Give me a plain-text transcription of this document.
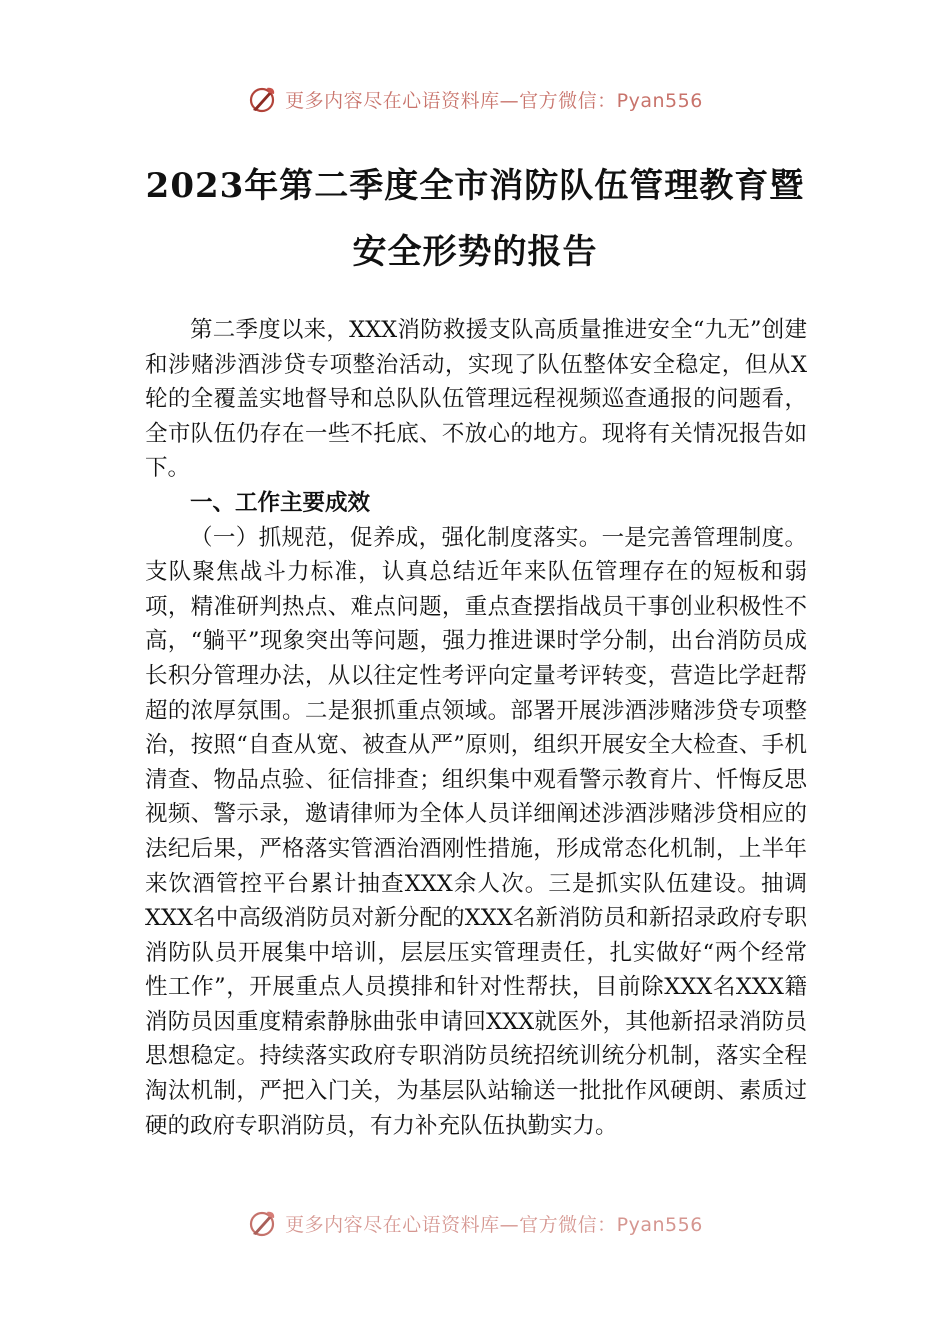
更多内容尽在心语资料库—官方微信：Pyan556
2023年第二季度全市消防队伍管理教育暨
安全形势的报告

第二季度以来，XXX消防救援支队高质量推进安全“九无”创建和涉赌涉酒涉贷专项整治活动，实现了队伍整体安全稳定，但从X轮的全覆盖实地督导和总队队伍管理远程视频巡查通报的问题看，全市队伍仍存在一些不托底、不放心的地方。现将有关情况报告如下。

一、工作主要成效

（一）抓规范，促养成，强化制度落实。一是完善管理制度。支队聚焦战斗力标准，认真总结近年来队伍管理存在的短板和弱项，精准研判热点、难点问题，重点查摆指战员干事创业积极性不高，“躺平”现象突出等问题，强力推进课时学分制，出台消防员成长积分管理办法，从以往定性考评向定量考评转变，营造比学赶帮超的浓厚氛围。二是狠抓重点领域。部署开展涉酒涉赌涉贷专项整治，按照“自查从宽、被查从严”原则，组织开展安全大检查、手机清查、物品点验、征信排查；组织集中观看警示教育片、忏悔反思视频、警示录，邀请律师为全体人员详细阐述涉酒涉赌涉贷相应的法纪后果，严格落实管酒治酒刚性措施，形成常态化机制，上半年来饮酒管控平台累计抽查XXX余人次。三是抓实队伍建设。抽调XXX名中高级消防员对新分配的XXX名新消防员和新招录政府专职消防队员开展集中培训，层层压实管理责任，扎实做好“两个经常性工作”，开展重点人员摸排和针对性帮扶，目前除XXX名XXX籍消防员因重度精索静脉曲张申请回XXX就医外，其他新招录消防员思想稳定。持续落实政府专职消防员统招统训统分机制，落实全程淘汰机制，严把入门关，为基层队站输送一批批作风硬朗、素质过硬的政府专职消防员，有力补充队伍执勤实力。

更多内容尽在心语资料库—官方微信：Pyan556
